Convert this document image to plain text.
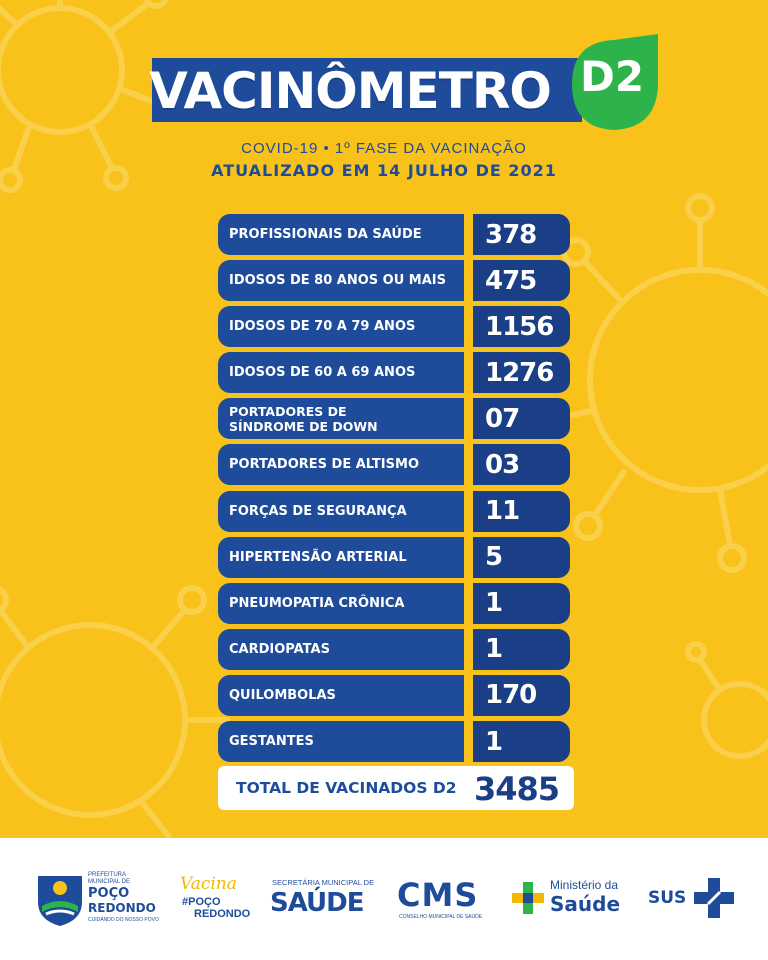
VACINÔMETRO D2
COVID-19 • 1º FASE DA VACINAÇÃO
ATUALIZADO EM 14 JULHO DE 2021
PROFISSIONAIS DA SAÚDE	378
IDOSOS DE 80 ANOS OU MAIS	475
IDOSOS DE 70 A 79 ANOS	1156
IDOSOS DE 60 A 69 ANOS	1276
PORTADORES DE SÍNDROME DE DOWN	07
PORTADORES DE ALTISMO	03
FORÇAS DE SEGURANÇA	11
HIPERTENSÃO ARTERIAL	5
PNEUMOPATIA CRÔNICA	1
CARDIOPATAS	1
QUILOMBOLAS	170
GESTANTES	1
TOTAL DE VACINADOS D2 3485
PREFEITURA
MUNICIPAL DE
POÇO
REDONDO
CUIDANDO DO NOSSO POVO
Vacina
#POÇO
REDONDO
SECRETÁRIA MUNICIPAL DE
SAÚDE CMS
CONSELHO MUNICIPAL DE SAÚDE
Ministério da
Saúde SUS
